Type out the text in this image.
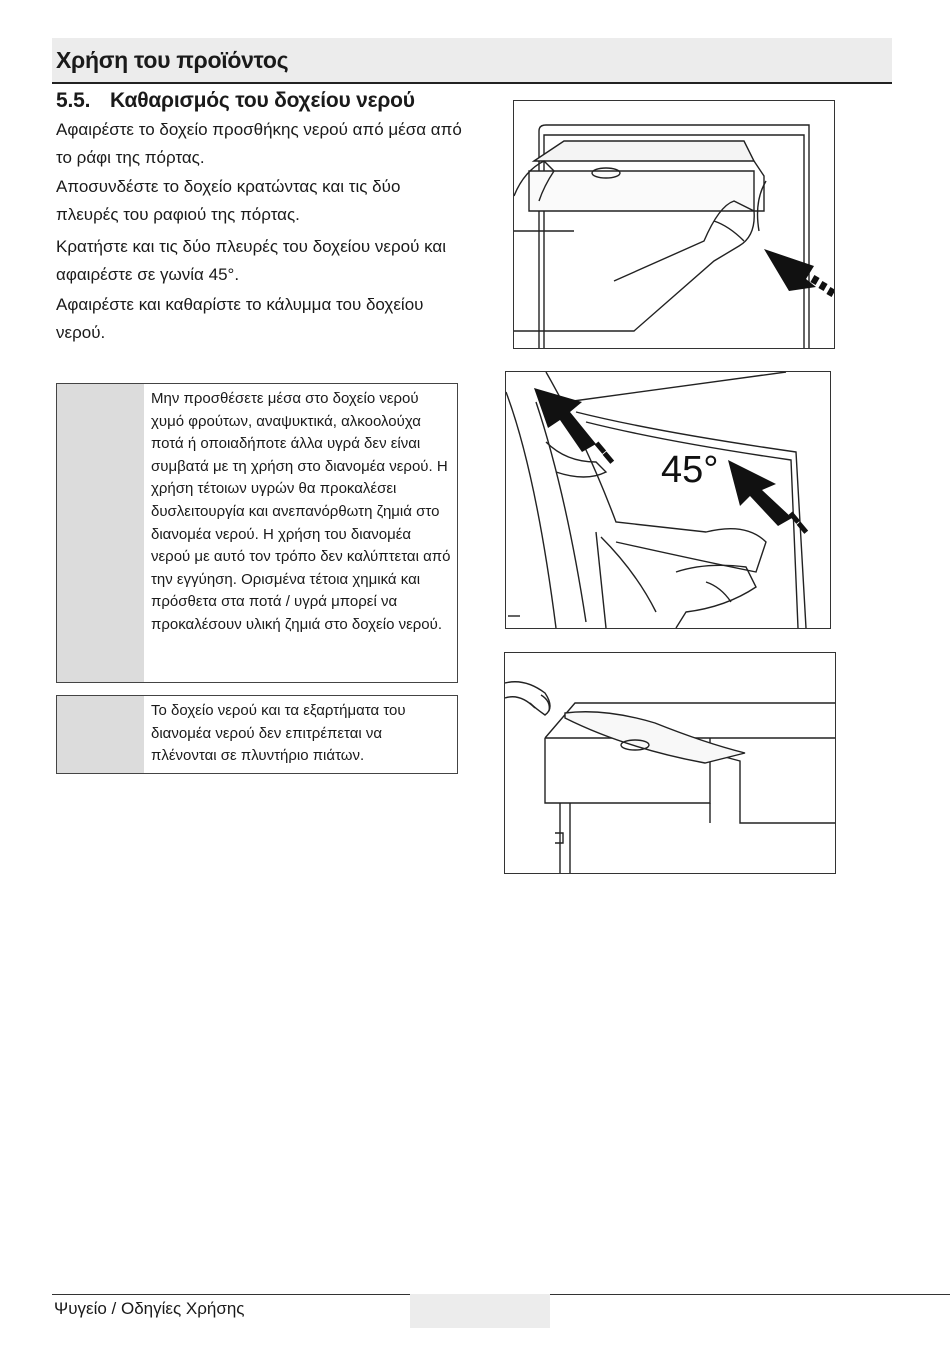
Χρήση του προϊόντος
5.5. Καθαρισμός του δοχείου νερού
Αφαιρέστε το δοχείο προσθήκης νερού από μέσα από το ράφι της πόρτας.
Αποσυνδέστε το δοχείο κρατώντας και τις δύο πλευρές του ραφιού της πόρτας.
Κρατήστε και τις δύο πλευρές του δοχείου νερού και αφαιρέστε σε γωνία 45°.
Αφαιρέστε και καθαρίστε το κάλυμμα του δοχείου νερού.
Μην προσθέσετε μέσα στο δοχείο νερού χυμό φρούτων, αναψυκτικά, αλκοολούχα ποτά ή οποιαδήποτε άλλα υγρά δεν είναι συμβατά με τη χρήση στο διανομέα νερού. Η χρήση τέτοιων υγρών θα προκαλέσει δυσλειτουργία και ανεπανόρθωτη ζημιά στο διανομέα νερού. Η χρήση του διανομέα νερού με αυτό τον τρόπο δεν καλύπτεται από την εγγύηση. Ορισμένα τέτοια χημικά και πρόσθετα στα ποτά / υγρά μπορεί να προκαλέσουν υλική ζημιά στο δοχείο νερού.
Το δοχείο νερού και τα εξαρτήματα του διανομέα νερού δεν επιτρέπεται να πλένονται σε πλυντήριο πιάτων.
45°
Ψυγείο / Οδηγίες Χρήσης
